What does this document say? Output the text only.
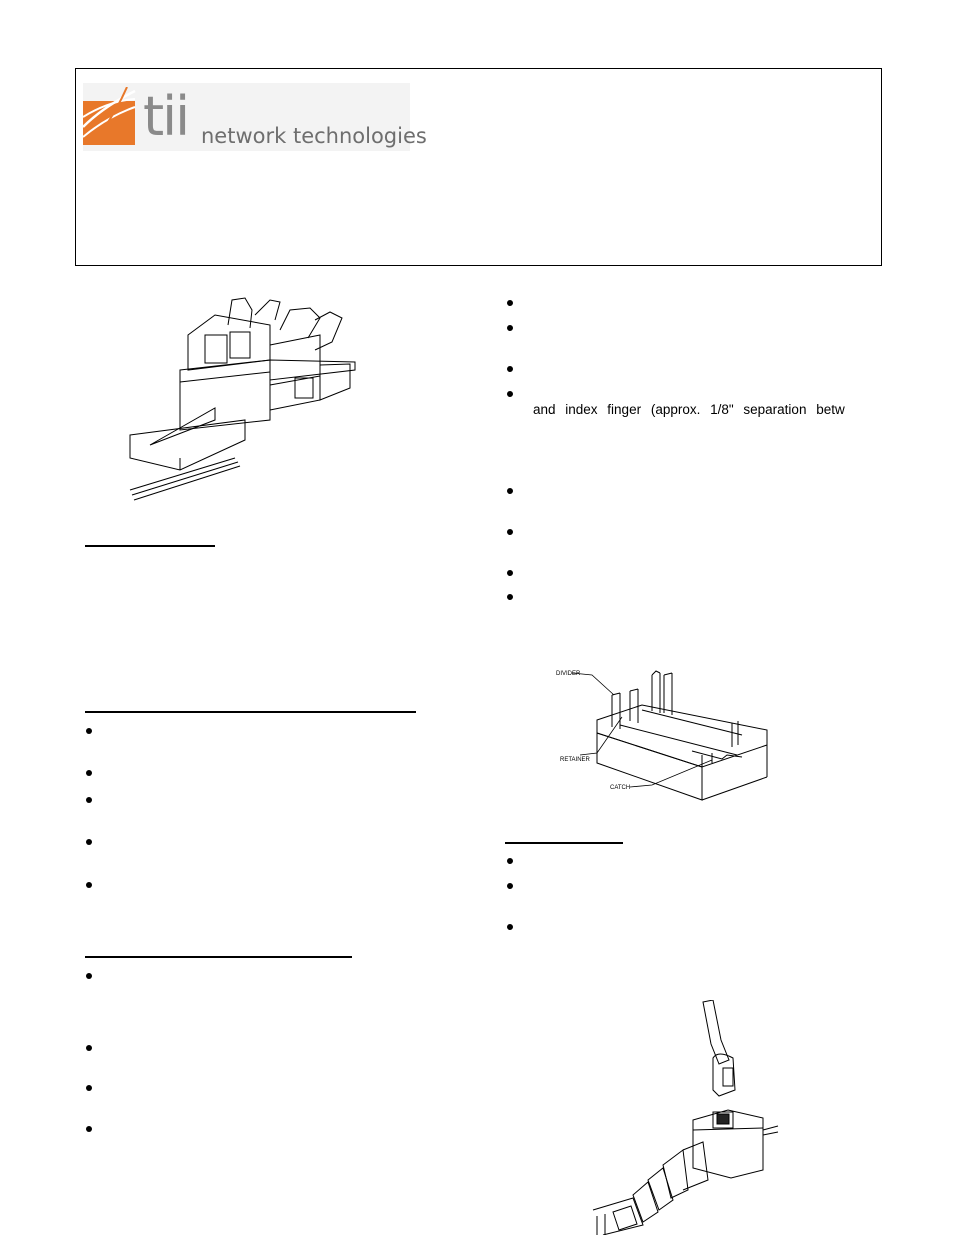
tii network technologies
and index finger (approx. 1/8" separation betw
DIVIDER
RETAINER
CATCH
